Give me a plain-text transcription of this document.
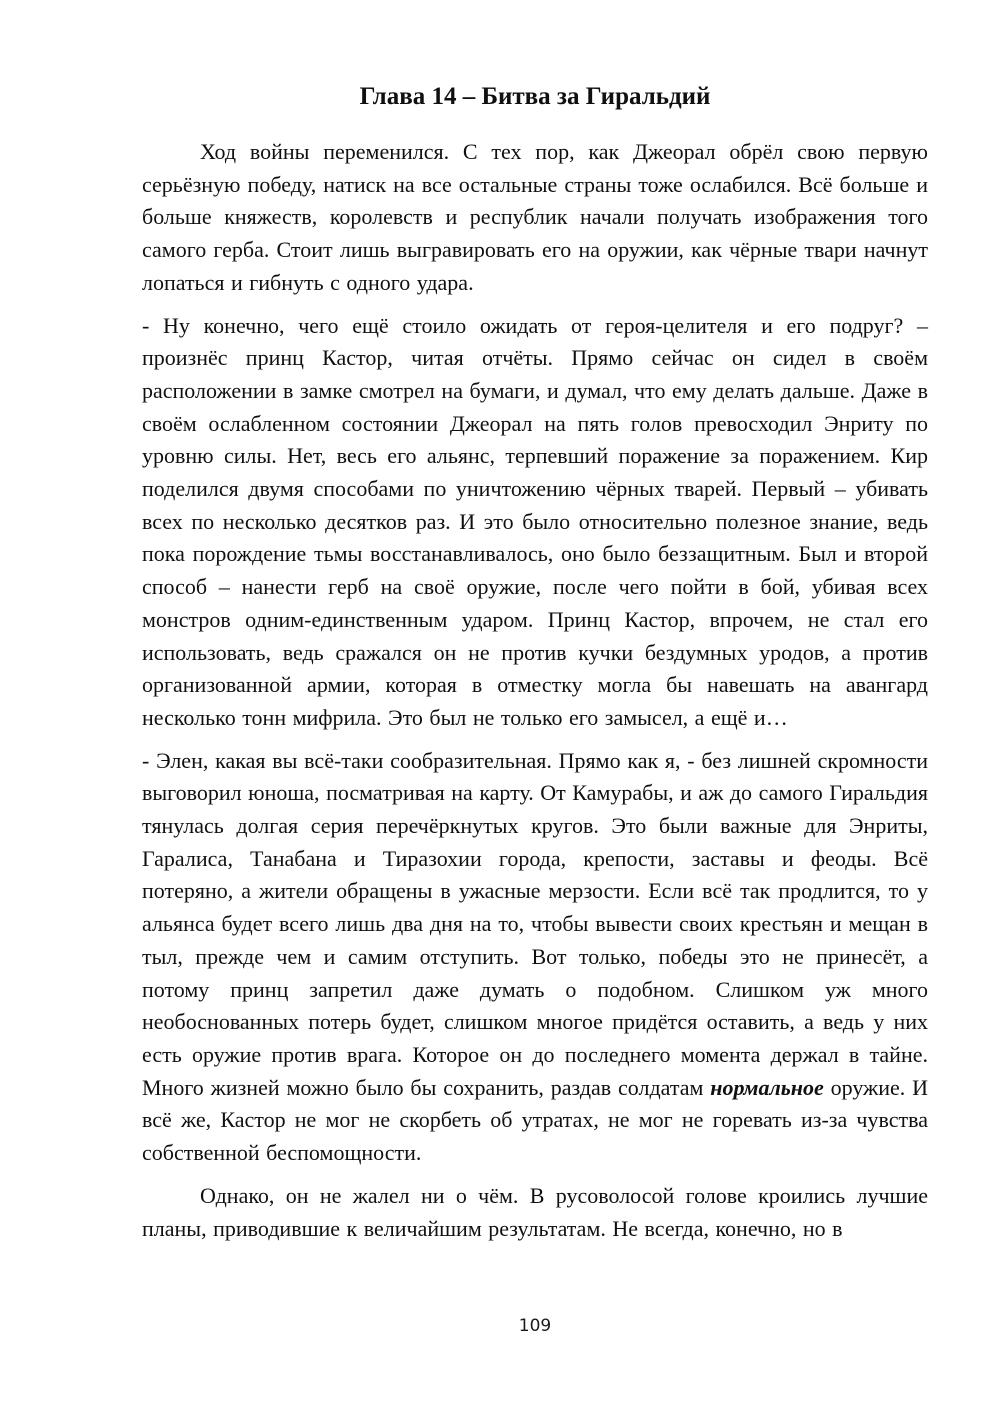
Глава 14 – Битва за Гиральдий

Ход войны переменился. С тех пор, как Джеорал обрёл свою первую серьёзную победу, натиск на все остальные страны тоже ослабился. Всё больше и больше княжеств, королевств и республик начали получать изображения того самого герба. Стоит лишь выгравировать его на оружии, как чёрные твари начнут лопаться и гибнуть с одного удара.

- Ну конечно, чего ещё стоило ожидать от героя-целителя и его подруг? – произнёс принц Кастор, читая отчёты. Прямо сейчас он сидел в своём расположении в замке смотрел на бумаги, и думал, что ему делать дальше. Даже в своём ослабленном состоянии Джеорал на пять голов превосходил Энриту по уровню силы. Нет, весь его альянс, терпевший поражение за поражением. Кир поделился двумя способами по уничтожению чёрных тварей. Первый – убивать всех по несколько десятков раз. И это было относительно полезное знание, ведь пока порождение тьмы восстанавливалось, оно было беззащитным. Был и второй способ – нанести герб на своё оружие, после чего пойти в бой, убивая всех монстров одним-единственным ударом. Принц Кастор, впрочем, не стал его использовать, ведь сражался он не против кучки бездумных уродов, а против организованной армии, которая в отместку могла бы навешать на авангард несколько тонн мифрила. Это был не только его замысел, а ещё и…

- Элен, какая вы всё-таки сообразительная. Прямо как я, - без лишней скромности выговорил юноша, посматривая на карту. От Камурабы, и аж до самого Гиральдия тянулась долгая серия перечёркнутых кругов. Это были важные для Энриты, Гаралиса, Танабана и Тиразохии города, крепости, заставы и феоды. Всё потеряно, а жители обращены в ужасные мерзости. Если всё так продлится, то у альянса будет всего лишь два дня на то, чтобы вывести своих крестьян и мещан в тыл, прежде чем и самим отступить. Вот только, победы это не принесёт, а потому принц запретил даже думать о подобном. Слишком уж много необоснованных потерь будет, слишком многое придётся оставить, а ведь у них есть оружие против врага. Которое он до последнего момента держал в тайне. Много жизней можно было бы сохранить, раздав солдатам нормальное оружие. И всё же, Кастор не мог не скорбеть об утратах, не мог не горевать из-за чувства собственной беспомощности.

Однако, он не жалел ни о чём. В русоволосой голове кроились лучшие планы, приводившие к величайшим результатам. Не всегда, конечно, но в

109
